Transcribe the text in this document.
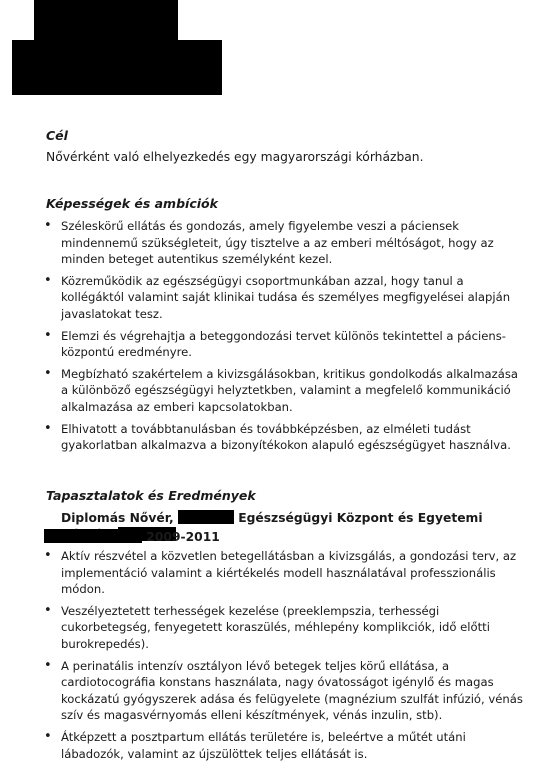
Cél
Nővérként való elhelyezkedés egy magyarországi kórházban.
Képességek és ambíciók
• Széleskörű ellátás és gondozás, amely figyelembe veszi a páciensek mindennemű szükségleteit, úgy tisztelve a az emberi méltóságot, hogy az minden beteget autentikus személyként kezel.
• Közreműködik az egészségügyi csoportmunkában azzal, hogy tanul a kollégáktól valamint saját klinikai tudása és személyes megfigyelései alapján javaslatokat tesz.
• Elemzi és végrehajtja a beteggondozási tervet különös tekintettel a páciens-központú eredményre.
• Megbízható szakértelem a kivizsgálásokban, kritikus gondolkodás alkalmazása a különböző egészségügyi helyztetkben, valamint a megfelelő kommunikáció alkalmazása az emberi kapcsolatokban.
• Elhivatott a továbbtanulásban és továbbképzésben, az elméleti tudást gyakorlatban alkalmazva a bizonyítékokon alapuló egészségügyet használva.
Tapasztalatok és Eredmények
Diplomás Nővér,	Egészségügyi Központ és Egyetemi
2009-2011
• Aktív részvétel a közvetlen betegellátásban a kivizsgálás, a gondozási terv, az implementáció valamint a kiértékelés modell használatával professzionális módon.
• Veszélyeztetett terhességek kezelése (preeklempszia, terhességi cukorbetegség, fenyegetett koraszülés, méhlepény komplikciók, idő előtti burokrepedés).
• A perinatális intenzív osztályon lévő betegek teljes körű ellátása, a cardiotocográfia konstans használata, nagy óvatosságot igénylő és magas kockázatú gyógyszerek adása és felügyelete (magnézium szulfát infúzió, vénás szív és magasvérnyomás elleni készítmények, vénás inzulin, stb).
• Átképzett a posztpartum ellátás területére is, beleértve a műtét utáni lábadozók, valamint az újszülöttek teljes ellátását is.
